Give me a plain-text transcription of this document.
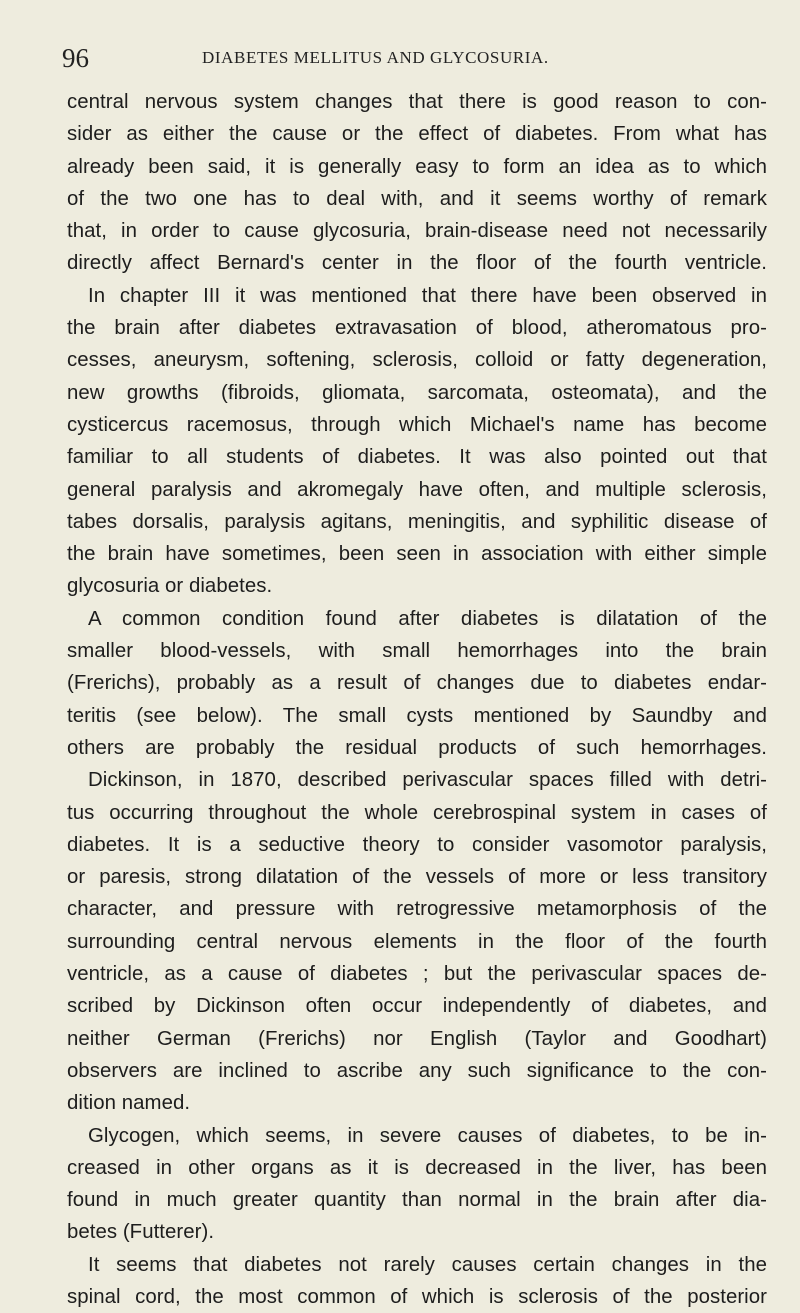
96	DIABETES MELLITUS AND GLYCOSURIA.
central nervous system changes that there is good reason to con-
sider as either the cause or the effect of diabetes. From what has
already been said, it is generally easy to form an idea as to which
of the two one has to deal with, and it seems worthy of remark
that, in order to cause glycosuria, brain-disease need not necessarily
directly affect Bernard's center in the floor of the fourth ventricle.
In chapter III it was mentioned that there have been observed in
the brain after diabetes extravasation of blood, atheromatous pro-
cesses, aneurysm, softening, sclerosis, colloid or fatty degeneration,
new growths (fibroids, gliomata, sarcomata, osteomata), and the
cysticercus racemosus, through which Michael's name has become
familiar to all students of diabetes. It was also pointed out that
general paralysis and akromegaly have often, and multiple sclerosis,
tabes dorsalis, paralysis agitans, meningitis, and syphilitic disease of
the brain have sometimes, been seen in association with either simple
glycosuria or diabetes.
A common condition found after diabetes is dilatation of the
smaller blood-vessels, with small hemorrhages into the brain
(Frerichs), probably as a result of changes due to diabetes endar-
teritis (see below). The small cysts mentioned by Saundby and
others are probably the residual products of such hemorrhages.
Dickinson, in 1870, described perivascular spaces filled with detri-
tus occurring throughout the whole cerebrospinal system in cases of
diabetes. It is a seductive theory to consider vasomotor paralysis,
or paresis, strong dilatation of the vessels of more or less transitory
character, and pressure with retrogressive metamorphosis of the
surrounding central nervous elements in the floor of the fourth
ventricle, as a cause of diabetes ; but the perivascular spaces de-
scribed by Dickinson often occur independently of diabetes, and
neither German (Frerichs) nor English (Taylor and Goodhart)
observers are inclined to ascribe any such significance to the con-
dition named.
Glycogen, which seems, in severe causes of diabetes, to be in-
creased in other organs as it is decreased in the liver, has been
found in much greater quantity than normal in the brain after dia-
betes (Futterer).
It seems that diabetes not rarely causes certain changes in the
spinal cord, the most common of which is sclerosis of the posterior
